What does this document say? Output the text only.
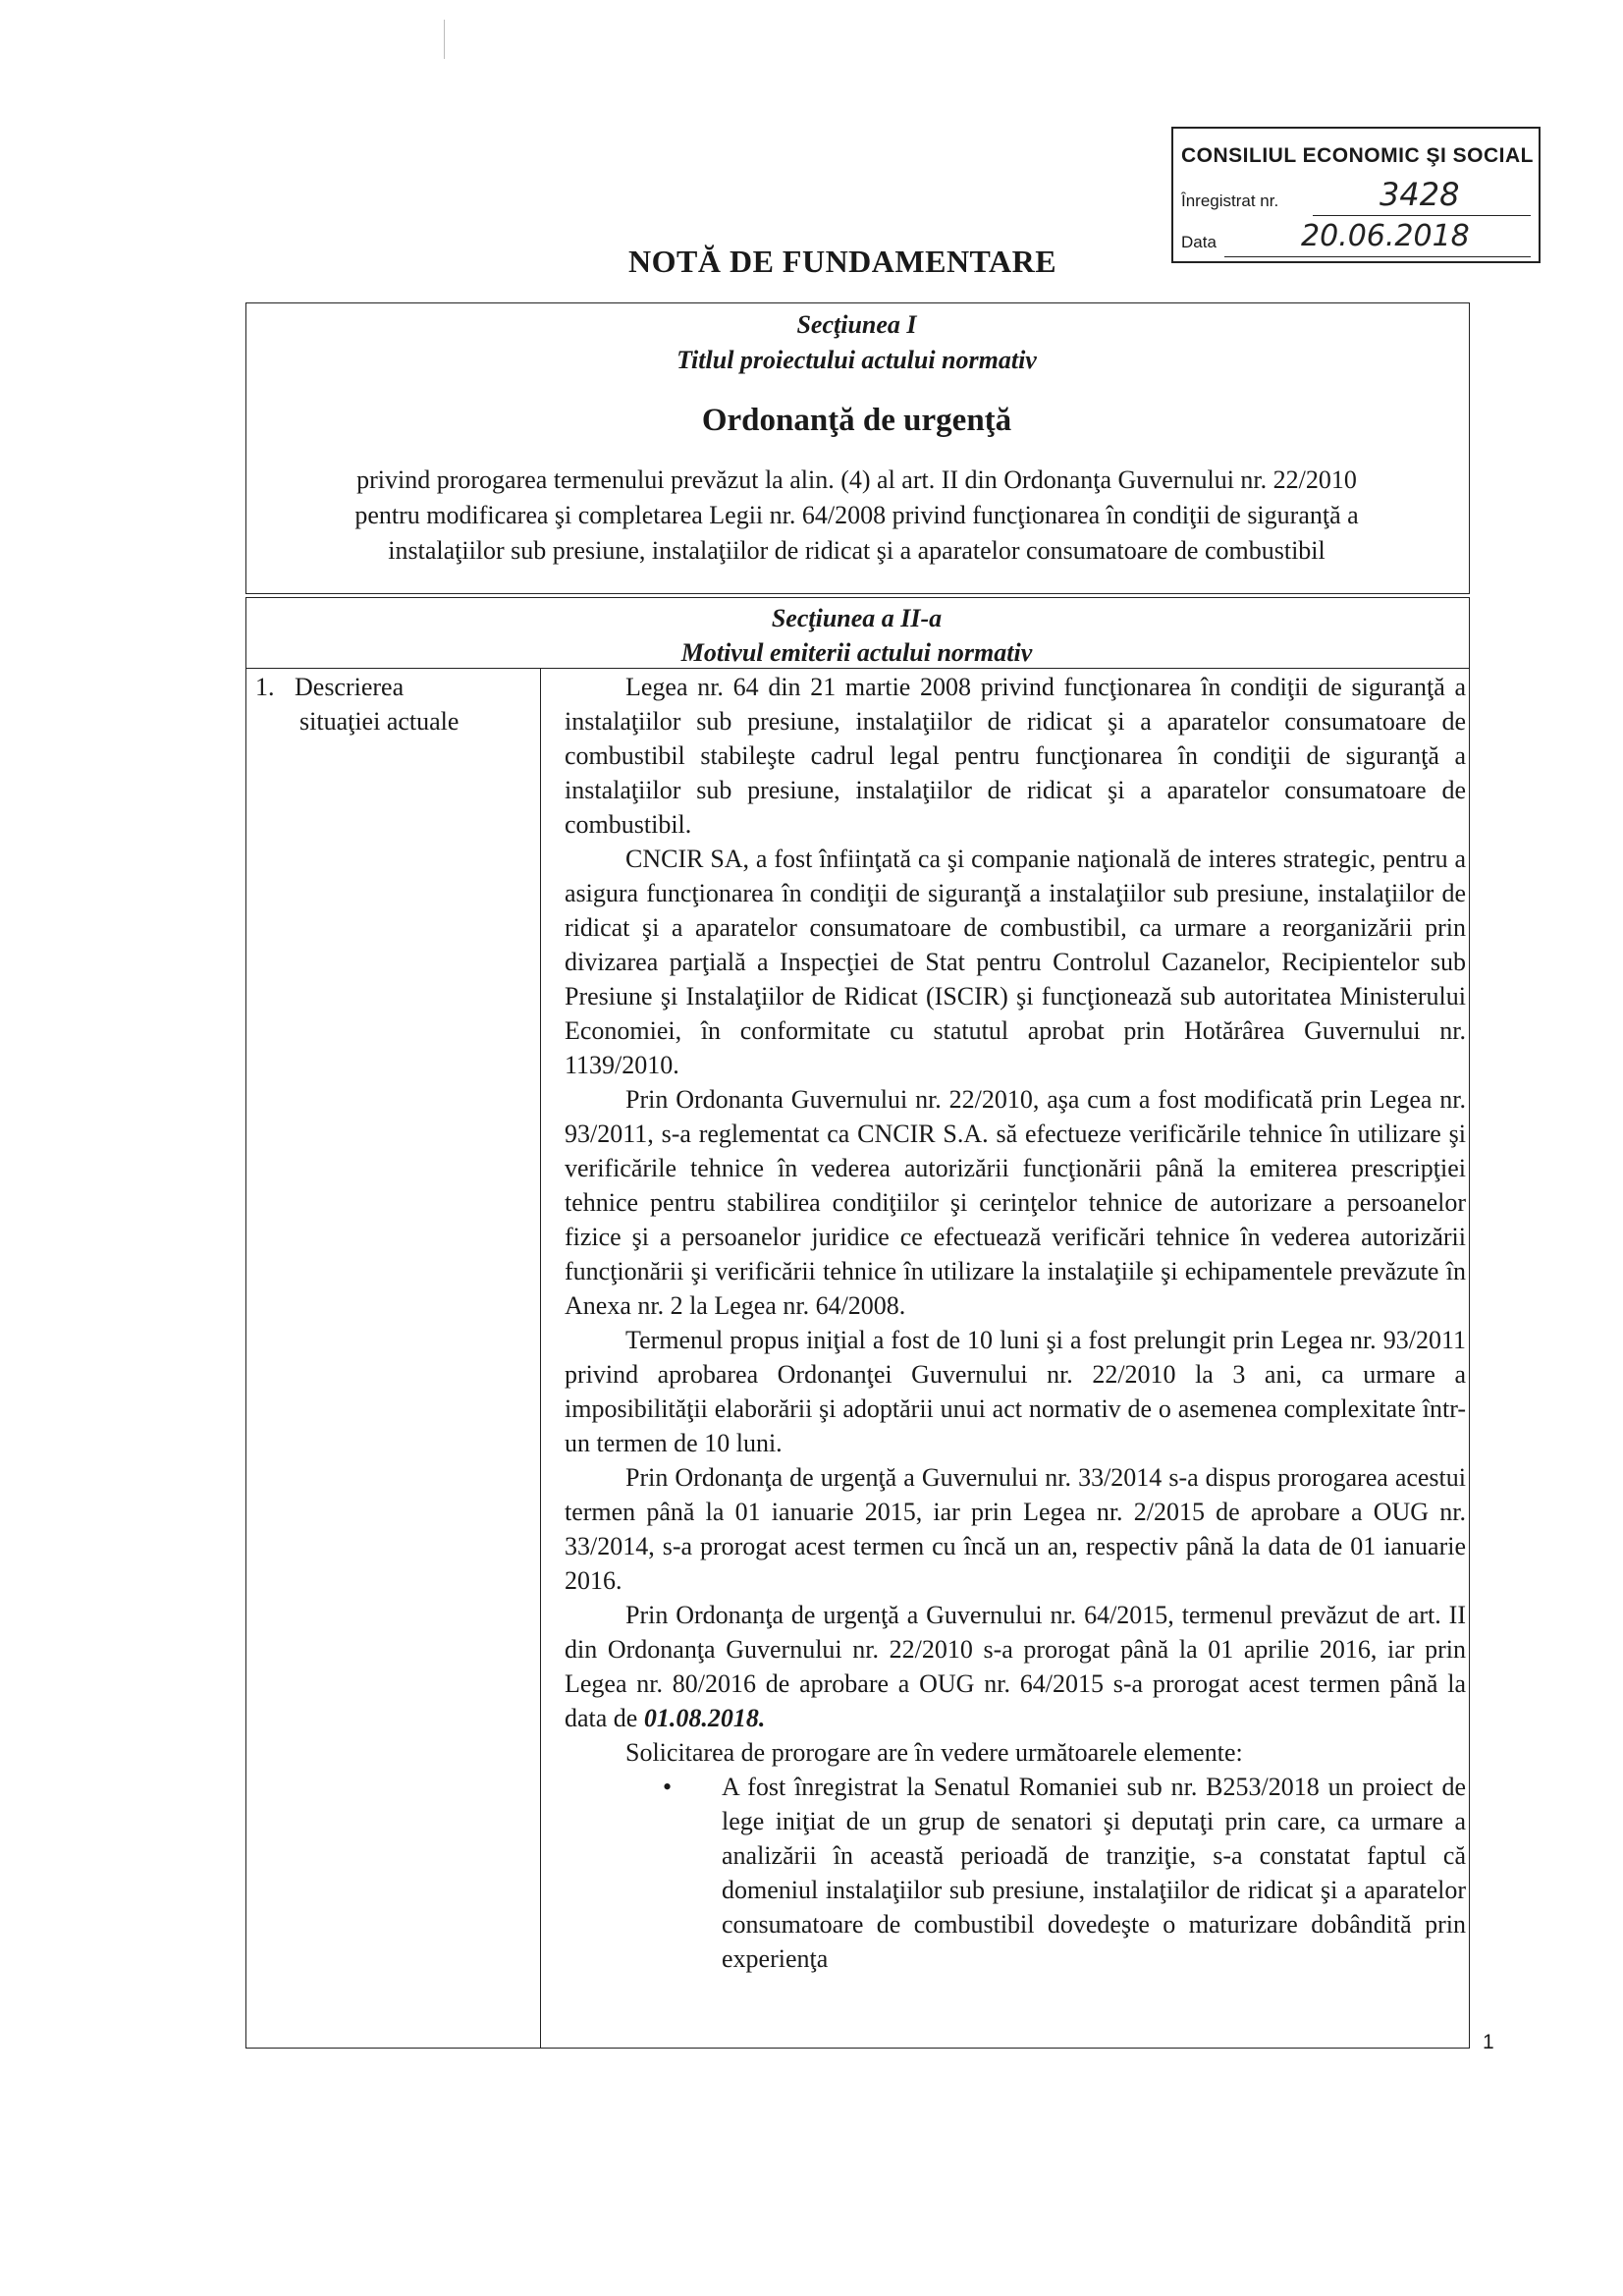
CONSILIUL ECONOMIC ŞI SOCIAL
Înregistrat nr.	3428
Data	20.06.2018
NOTĂ DE FUNDAMENTARE
Secţiunea I
Titlul proiectului actului normativ
Ordonanţă de urgenţă
privind prorogarea termenului prevăzut la alin. (4) al art. II din Ordonanţa Guvernului nr. 22/2010
pentru modificarea şi completarea Legii nr. 64/2008 privind funcţionarea în condiţii de siguranţă a
instalaţiilor sub presiune, instalaţiilor de ridicat şi a aparatelor consumatoare de combustibil
Secţiunea a II-a
Motivul emiterii actului normativ
1. Descrierea
situaţiei actuale

Legea nr. 64 din 21 martie 2008 privind funcţionarea în condiţii de siguranţă a instalaţiilor sub presiune, instalaţiilor de ridicat şi a aparatelor consumatoare de combustibil stabileşte cadrul legal pentru funcţionarea în condiţii de siguranţă a instalaţiilor sub presiune, instalaţiilor de ridicat şi a aparatelor consumatoare de combustibil.

CNCIR SA, a fost înfiinţată ca şi companie naţională de interes strategic, pentru a asigura funcţionarea în condiţii de siguranţă a instalaţiilor sub presiune, instalaţiilor de ridicat şi a aparatelor consumatoare de combustibil, ca urmare a reorganizării prin divizarea parţială a Inspecţiei de Stat pentru Controlul Cazanelor, Recipientelor sub Presiune şi Instalaţiilor de Ridicat (ISCIR) şi funcţionează sub autoritatea Ministerului Economiei, în conformitate cu statutul aprobat prin Hotărârea Guvernului nr. 1139/2010.

Prin Ordonanta Guvernului nr. 22/2010, aşa cum a fost modificată prin Legea nr. 93/2011, s-a reglementat ca CNCIR S.A. să efectueze verificările tehnice în utilizare şi verificările tehnice în vederea autorizării funcţionării până la emiterea prescripţiei tehnice pentru stabilirea condiţiilor şi cerinţelor tehnice de autorizare a persoanelor fizice şi a persoanelor juridice ce efectuează verificări tehnice în vederea autorizării funcţionării şi verificării tehnice în utilizare la instalaţiile şi echipamentele prevăzute în Anexa nr. 2 la Legea nr. 64/2008.

Termenul propus iniţial a fost de 10 luni şi a fost prelungit prin Legea nr. 93/2011 privind aprobarea Ordonanţei Guvernului nr. 22/2010 la 3 ani, ca urmare a imposibilităţii elaborării şi adoptării unui act normativ de o asemenea complexitate într-un termen de 10 luni.

Prin Ordonanţa de urgenţă a Guvernului nr. 33/2014 s-a dispus prorogarea acestui termen până la 01 ianuarie 2015, iar prin Legea nr. 2/2015 de aprobare a OUG nr. 33/2014, s-a prorogat acest termen cu încă un an, respectiv până la data de 01 ianuarie 2016.

Prin Ordonanţa de urgenţă a Guvernului nr. 64/2015, termenul prevăzut de art. II din Ordonanţa Guvernului nr. 22/2010 s-a prorogat până la 01 aprilie 2016, iar prin Legea nr. 80/2016 de aprobare a OUG nr. 64/2015 s-a prorogat acest termen până la data de 01.08.2018.

Solicitarea de prorogare are în vedere următoarele elemente:

• A fost înregistrat la Senatul Romaniei sub nr. B253/2018 un proiect de lege iniţiat de un grup de senatori şi deputaţi prin care, ca urmare a analizării în această perioadă de tranziţie, s-a constatat faptul că domeniul instalaţiilor sub presiune, instalaţiilor de ridicat şi a aparatelor consumatoare de combustibil dovedeşte o maturizare dobândită prin experienţa

1
